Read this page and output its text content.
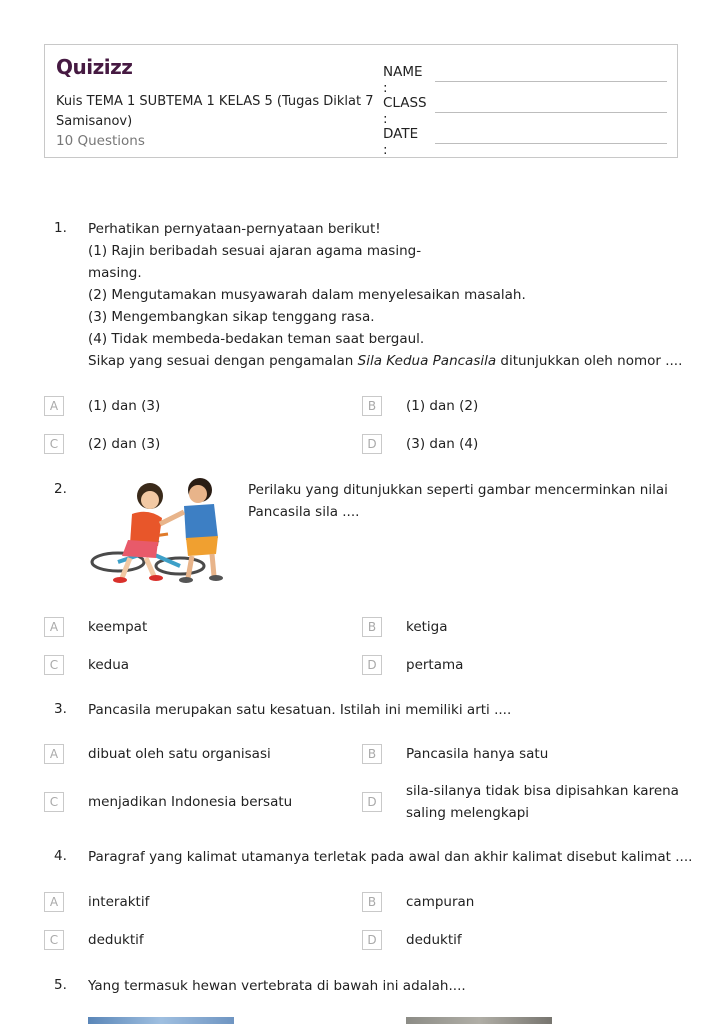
Quizizz
Kuis TEMA 1 SUBTEMA 1 KELAS 5 (Tugas Diklat 7 Samisanov)
10 Questions
NAME :
CLASS :
DATE :
1. Perhatikan pernyataan-pernyataan berikut!
(1) Rajin beribadah sesuai ajaran agama masing-
masing.
(2) Mengutamakan musyawarah dalam menyelesaikan masalah.
(3) Mengembangkan sikap tenggang rasa.
(4) Tidak membeda-bedakan teman saat bergaul.
Sikap yang sesuai dengan pengamalan Sila Kedua Pancasila ditunjukkan oleh nomor ....
A	(1) dan (3)	B	(1) dan (2)
C	(2) dan (3)	D	(3) dan (4)
2.	Perilaku yang ditunjukkan seperti gambar mencerminkan nilai
Pancasila sila ....
A	keempat	B	ketiga
C	kedua	D	pertama
3. Pancasila merupakan satu kesatuan. Istilah ini memiliki arti ....
A	dibuat oleh satu organisasi	B	Pancasila hanya satu
C	menjadikan Indonesia bersatu	D
sila-silanya tidak bisa dipisahkan karena
saling melengkapi
4. Paragraf yang kalimat utamanya terletak pada awal dan akhir kalimat disebut kalimat ....
A	interaktif	B	campuran
C	deduktif	D	deduktif
5. Yang termasuk hewan vertebrata di bawah ini adalah....
